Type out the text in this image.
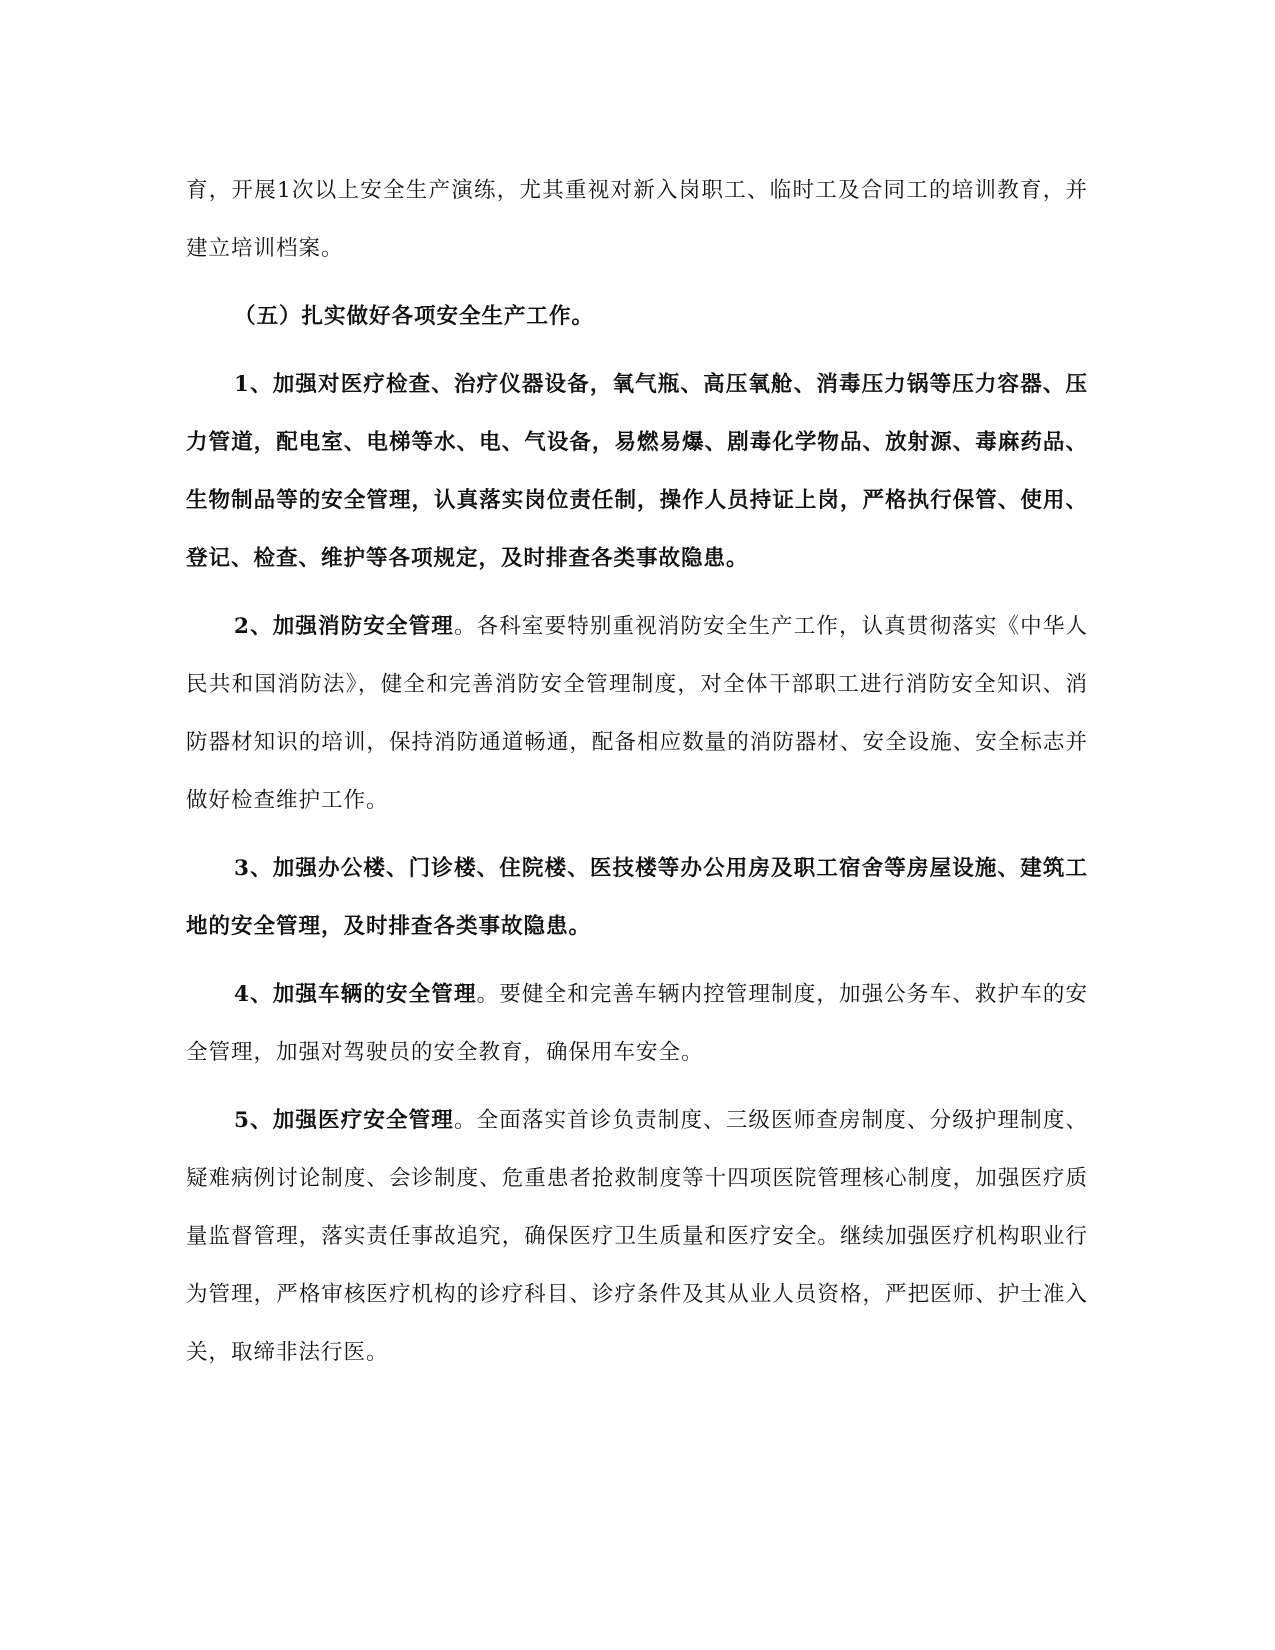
育，开展1次以上安全生产演练，尤其重视对新入岗职工、临时工及合同工的培训教育，并建立培训档案。

（五）扎实做好各项安全生产工作。

1、加强对医疗检查、治疗仪器设备，氧气瓶、高压氧舱、消毒压力锅等压力容器、压力管道，配电室、电梯等水、电、气设备，易燃易爆、剧毒化学物品、放射源、毒麻药品、生物制品等的安全管理，认真落实岗位责任制，操作人员持证上岗，严格执行保管、使用、登记、检查、维护等各项规定，及时排查各类事故隐患。

2、加强消防安全管理。各科室要特别重视消防安全生产工作，认真贯彻落实《中华人民共和国消防法》，健全和完善消防安全管理制度，对全体干部职工进行消防安全知识、消防器材知识的培训，保持消防通道畅通，配备相应数量的消防器材、安全设施、安全标志并做好检查维护工作。

3、加强办公楼、门诊楼、住院楼、医技楼等办公用房及职工宿舍等房屋设施、建筑工地的安全管理，及时排查各类事故隐患。

4、加强车辆的安全管理。要健全和完善车辆内控管理制度，加强公务车、救护车的安全管理，加强对驾驶员的安全教育，确保用车安全。

5、加强医疗安全管理。全面落实首诊负责制度、三级医师查房制度、分级护理制度、疑难病例讨论制度、会诊制度、危重患者抢救制度等十四项医院管理核心制度，加强医疗质量监督管理，落实责任事故追究，确保医疗卫生质量和医疗安全。继续加强医疗机构职业行为管理，严格审核医疗机构的诊疗科目、诊疗条件及其从业人员资格，严把医师、护士准入关，取缔非法行医。
